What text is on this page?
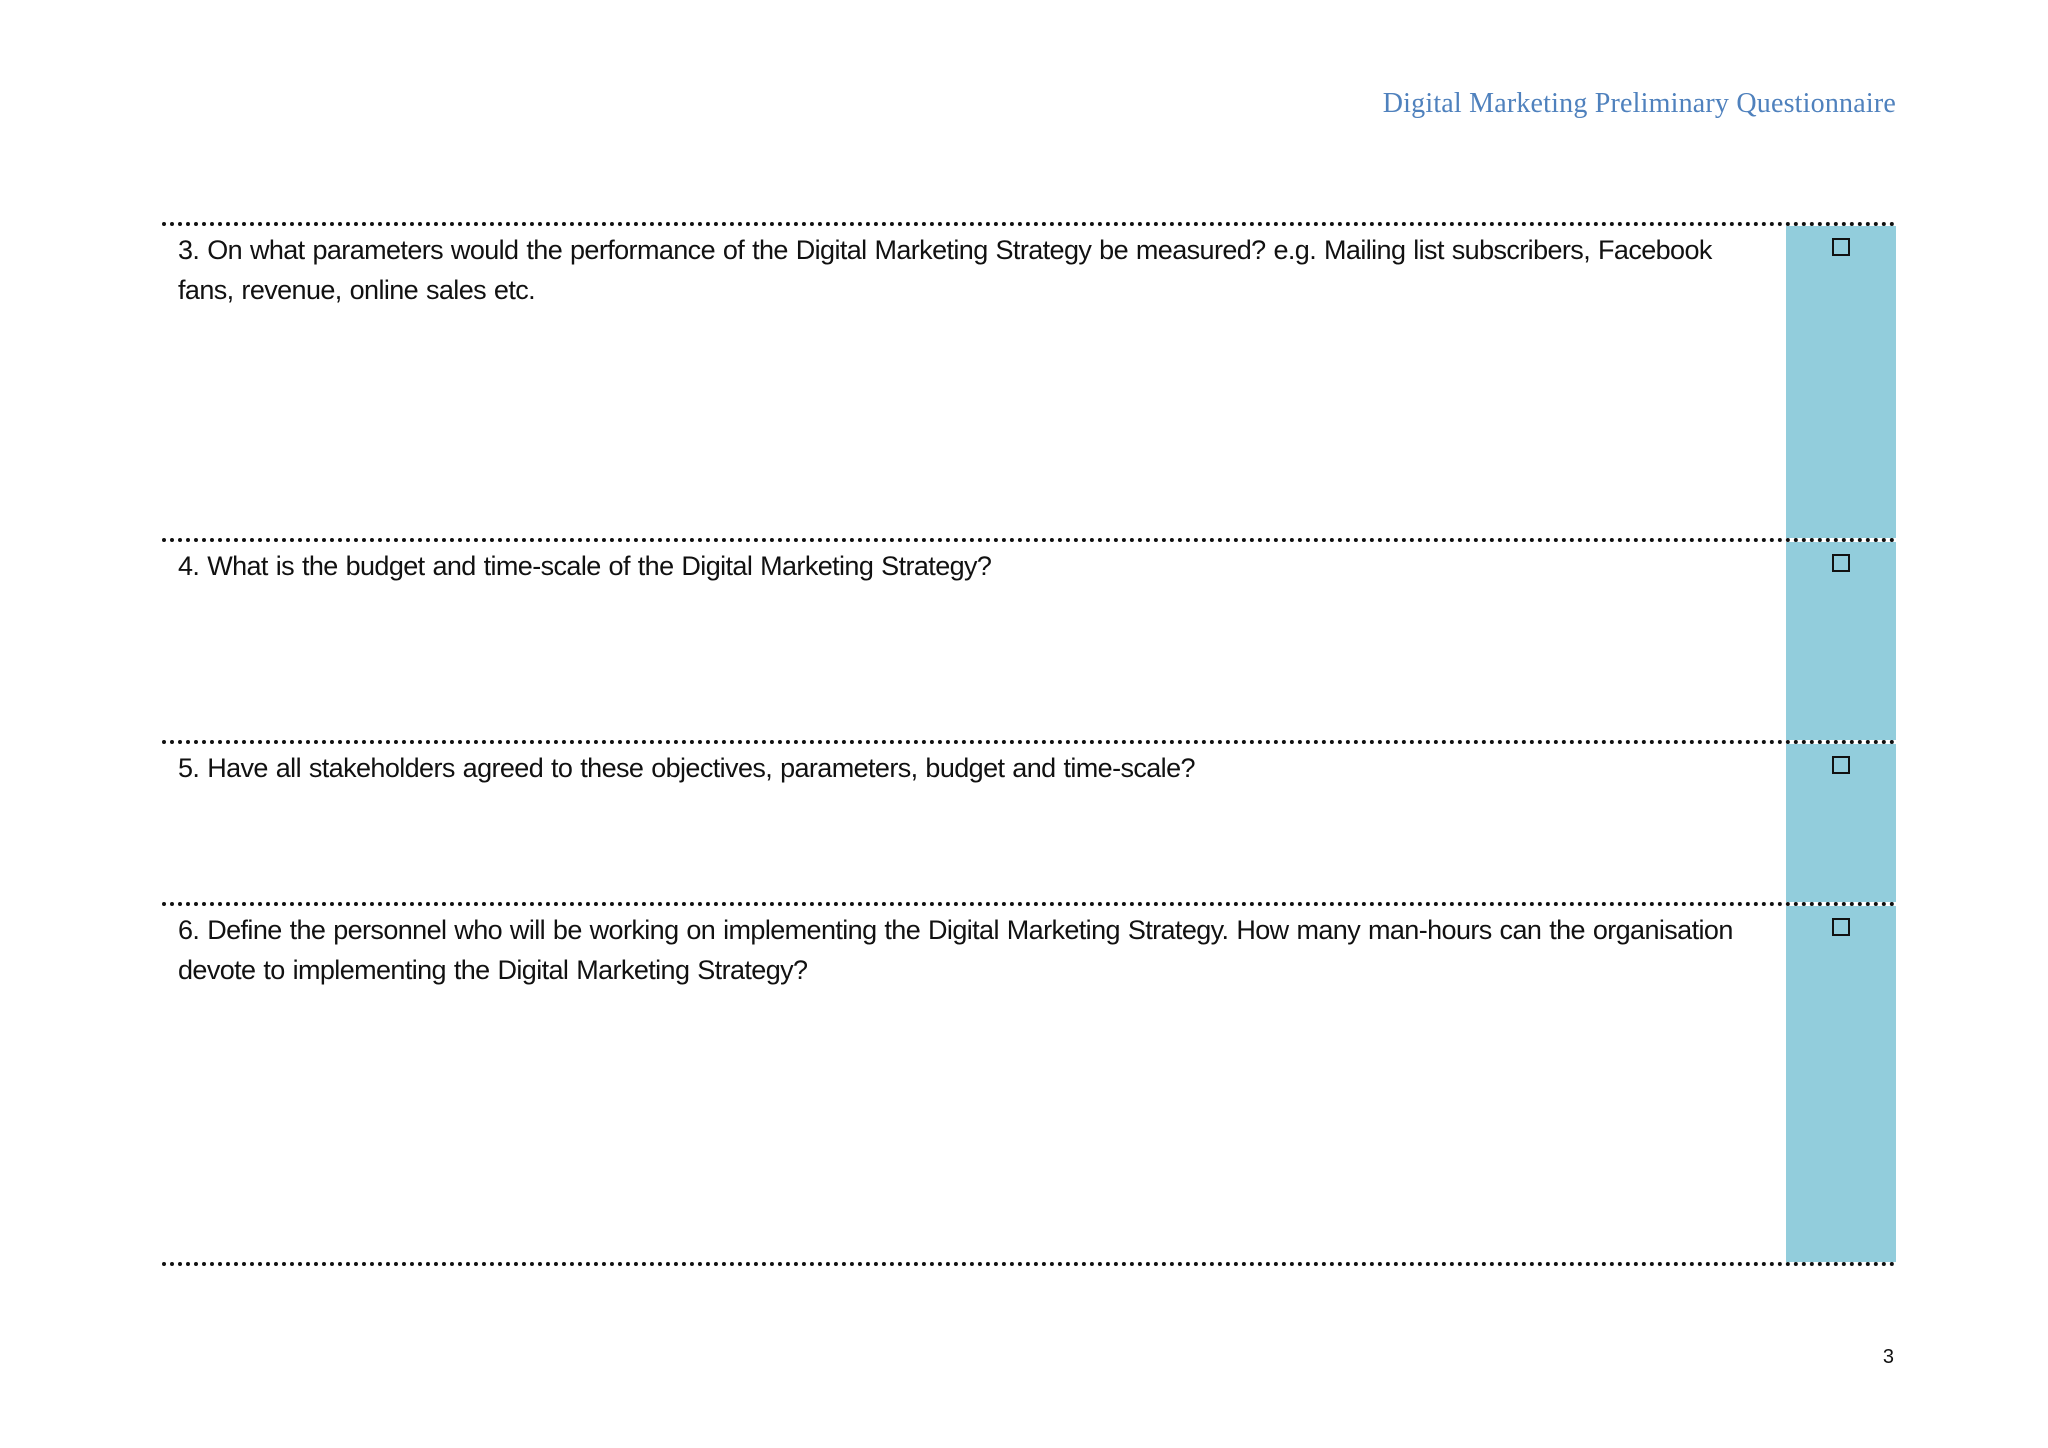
Digital Marketing Preliminary Questionnaire
3. On what parameters would the performance of the Digital Marketing Strategy be measured? e.g. Mailing list subscribers, Facebook fans, revenue, online sales etc.
4. What is the budget and time-scale of the Digital Marketing Strategy?
5. Have all stakeholders agreed to these objectives, parameters, budget and time-scale?
6. Define the personnel who will be working on implementing the Digital Marketing Strategy. How many man-hours can the organisation devote to implementing the Digital Marketing Strategy?
3
